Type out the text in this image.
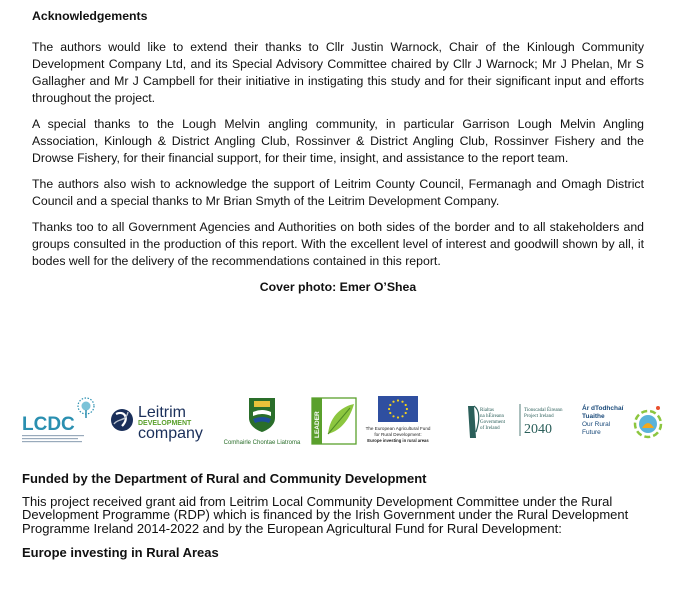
Acknowledgements

The authors would like to extend their thanks to Cllr Justin Warnock, Chair of the Kinlough Community Development Company Ltd, and its Special Advisory Committee chaired by Cllr J Warnock; Mr J Phelan, Mr S Gallagher and Mr J Campbell for their initiative in instigating this study and for their significant input and efforts throughout the project.

A special thanks to the Lough Melvin angling community, in particular Garrison Lough Melvin Angling Association, Kinlough & District Angling Club, Rossinver & District Angling Club, Rossinver Fishery and the Drowse Fishery, for their financial support, for their time, insight, and assistance to the report team.

The authors also wish to acknowledge the support of Leitrim County Council, Fermanagh and Omagh District Council and a special thanks to Mr Brian Smyth of the Leitrim Development Company.

Thanks too to all Government Agencies and Authorities on both sides of the border and to all stakeholders and groups consulted in the production of this report. With the excellent level of interest and goodwill shown by all, it bodes well for the delivery of the recommendations contained in this report.

Cover photo: Emer O’Shea
LCDC
Leitrim
DEVELOPMENT
company
Comhairle Chontae Liatroma
LEADER	The European Agricultural Fund
for Rural Development:
Europe investing in rural areas
Rialtas
na hÉireann
Government
of Ireland
Tionscadal Éireann
Project Ireland
2040
Ár dTodhchaí
Tuaithe
Our Rural
Future
Funded by the Department of Rural and Community Development

This project received grant aid from Leitrim Local Community Development Committee under the Rural Development Programme (RDP) which is financed by the Irish Government under the Rural Development Programme Ireland 2014-2022 and by the European Agricultural Fund for Rural Development:

Europe investing in Rural Areas
